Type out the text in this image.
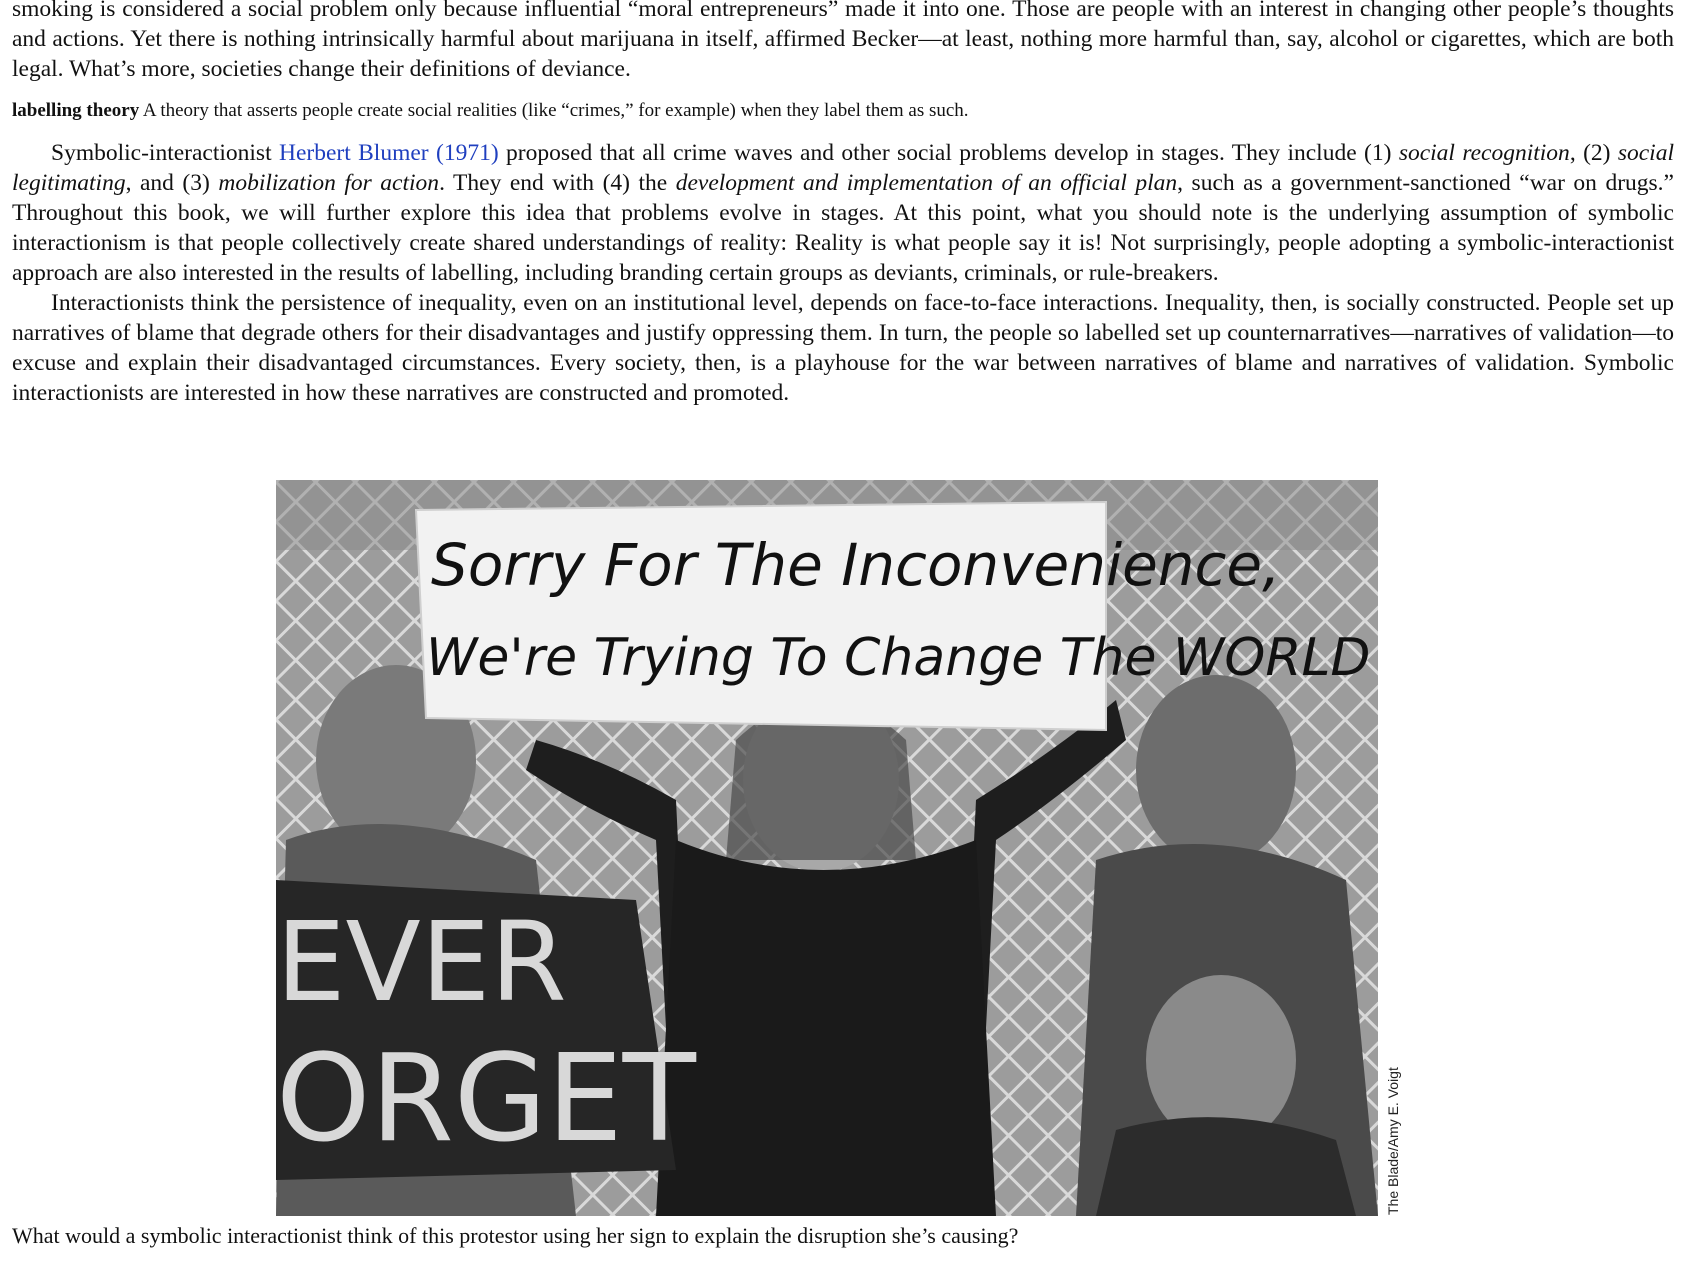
smoking is considered a social problem only because influential “moral entrepreneurs” made it into one. Those are people with an interest in changing other people’s thoughts and actions. Yet there is nothing intrinsically harmful about marijuana in itself, affirmed Becker—at least, nothing more harmful than, say, alcohol or cigarettes, which are both legal. What’s more, societies change their definitions of deviance.

labelling theory A theory that asserts people create social realities (like “crimes,” for example) when they label them as such.

Symbolic-interactionist Herbert Blumer (1971) proposed that all crime waves and other social problems develop in stages. They include (1) social recognition, (2) social legitimating, and (3) mobilization for action. They end with (4) the development and implementation of an official plan, such as a government-sanctioned “war on drugs.” Throughout this book, we will further explore this idea that problems evolve in stages. At this point, what you should note is the underlying assumption of symbolic interactionism is that people collectively create shared understandings of reality: Reality is what people say it is! Not surprisingly, people adopting a symbolic-interactionist approach are also interested in the results of labelling, including branding certain groups as deviants, criminals, or rule-breakers.

Interactionists think the persistence of inequality, even on an institutional level, depends on face-to-face interactions. Inequality, then, is socially constructed. People set up narratives of blame that degrade others for their disadvantages and justify oppressing them. In turn, the people so labelled set up counternarratives—narratives of validation—to excuse and explain their disadvantaged circumstances. Every society, then, is a playhouse for the war between narratives of blame and narratives of validation. Symbolic interactionists are interested in how these narratives are constructed and promoted.

Sorry For The Inconvenience,
We're Trying To Change The WORLD
EVER
ORGET	The Blade/Amy E. Voigt
What would a symbolic interactionist think of this protestor using her sign to explain the disruption she’s causing?
